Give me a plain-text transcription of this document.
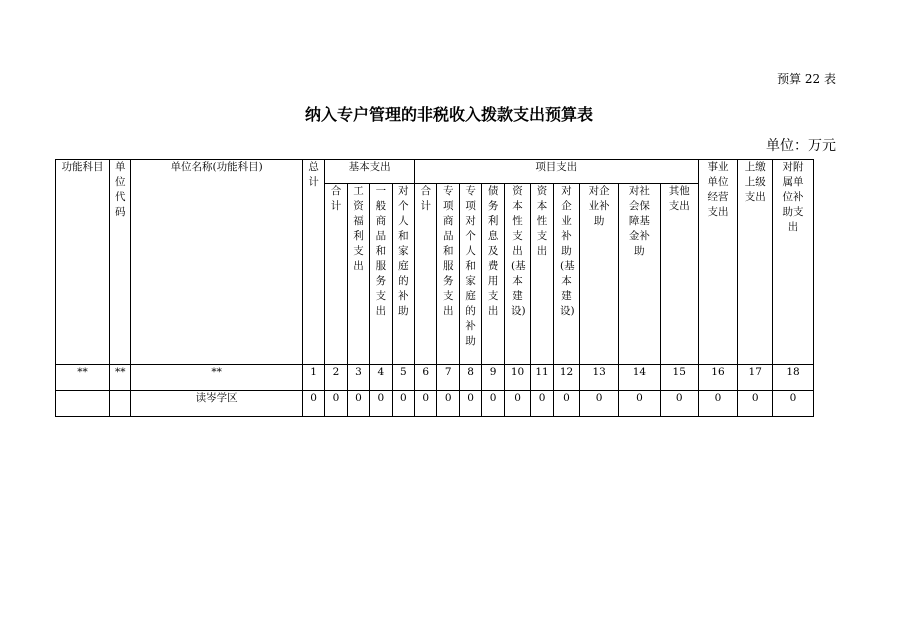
预算 22 表
纳入专户管理的非税收入拨款支出预算表
单位：万元
功能科目	单位代码	单位名称(功能科目)	总计	基本支出				项目支出										事业单位经营支出	上缴上级支出	对附属单位补助支出

				合计	工资福利支出	一般商品和服务支出	对个人和家庭的补助	合计	专项商品和服务支出	专项对个人和家庭的补助	债务利息及费用支出	资本性支出(基本建设)	资本性支出	对企业补助(基本建设)	对企业补助	对社会保障基金补助	其他支出			

**	**	**	1	2	3	4	5	6	7	8	9	10	11	12	13	14	15	16	17	18
		读岑学区	0	0	0	0	0	0	0	0	0	0	0	0	0	0	0	0	0	0
